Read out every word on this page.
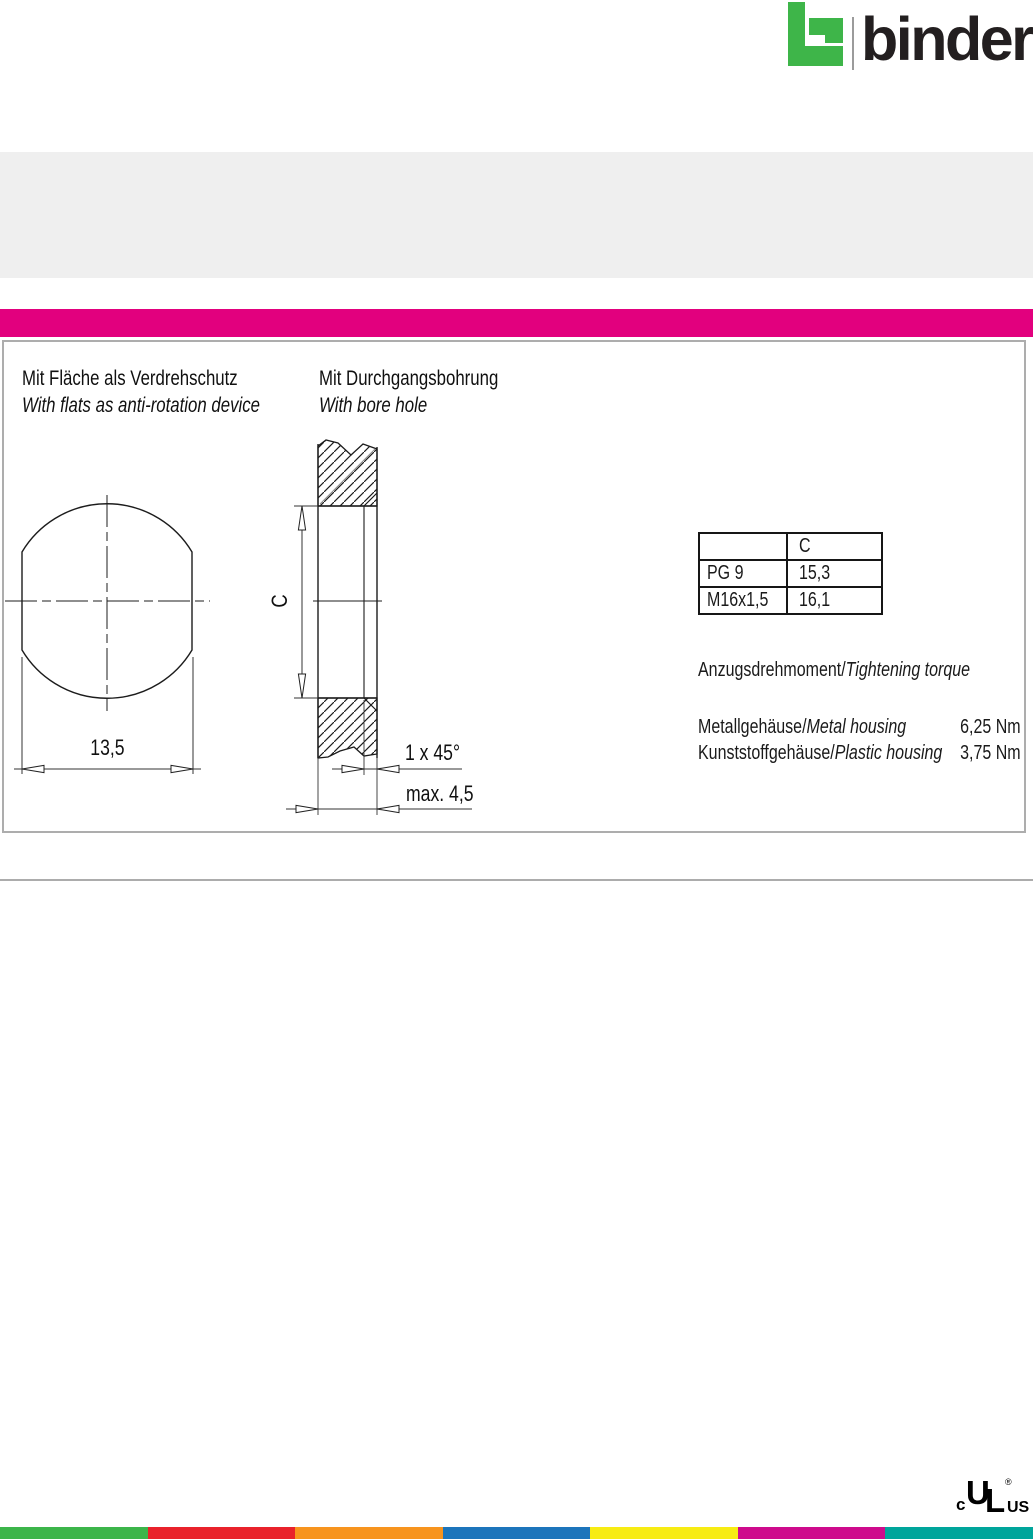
binder
Mit Fläche als Verdrehschutz
With flats as anti-rotation device
Mit Durchgangsbohrung
With bore hole
13,5
C
1 x 45°
max. 4,5
C
PG 9	15,3
M16x1,5 16,1
Anzugsdrehmoment/Tightening torque
Metallgehäuse/Metal housing	6,25 Nm
Kunststoffgehäuse/Plastic housing 3,75 Nm
c U
L ®
US
